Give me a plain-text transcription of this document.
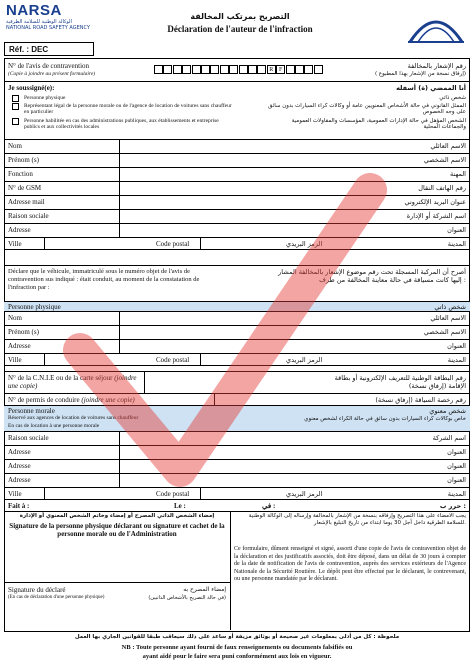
NARSA
الوكالة الوطنية للسلامة الطرقية
NATIONAL ROAD SAFETY AGENCY
التصريح بمرتكب المخالفة
Déclaration de l'auteur de l'infraction
Réf. : DEC
N° de l'avis de contravention
(Copie à joindre au présent formulaire)
R F	رقم الإشعار بالمخالفة
( إرفاق نسخة من الإشعار بهذا المطبوع)
Je soussigné(e):
Personne physique
Représentant légal de la personne morale ou de l'agence de location de voitures sans chauffeur en particulier
Personne habilitée en cas des administrations publiques, aux établissements et entreprise publics et aux collectivités locales
أنا الممضي (ة) أسفله
شخص ذاتي
الممثل القانوني في حالة الأشخاص المعنويين عامة أو وكالات كراء السيارات بدون سائق على وجه الخصوص
الشخص المؤهل في حالة الإدارات العمومية، المؤسسات والمقاولات العمومية والجماعات المحلية
Nom	الاسم العائلي
Prénom (s)	الاسم الشخصي
Fonction	المهنة
N° de GSM	رقم الهاتف النقال
Adresse mail	عنوان البريد الإلكتروني
Raison sociale	اسم الشركة أو الإدارة
Adresse	العنوان
Ville	Code postal	الرمز البريدي	المدينة
Déclare que le véhicule, immatriculé sous le numéro objet de l'avis de contravention sus indiqué : était conduit, au moment de la constatation de l'infraction par :
أصرح أن المركبة المسجلة تحت رقم موضوع الإشعار بالمخالفة المشار إليها كانت مسياقة في حالة معاينة المخالفة من طرف :
Personne physique	شخص ذاتي
Nom	الاسم العائلي
Prénom (s)	الاسم الشخصي
Adresse	العنوان
Ville	Code postal	الرمز البريدي	المدينة
N° de la C.N.I.E ou de la carte séjour (joindre une copie)
رقم البطاقة الوطنية للتعريف الإلكترونية أو بطاقة الإقامة (إرفاق نسخة)
N° de permis de conduire (joindre une copie)	رقم رخصة السياقة (إرفاق نسخة)
Personne morale
Réservé aux agences de location de voitures sans chauffeur
En cas de location à une personne morale
شخص معنوي
خاص بوكالات كراء السيارات بدون سائق في حالة الكراء لشخص معنوي
Raison sociale	اسم الشركة
Adresse	العنوان
Adresse	العنوان
Adresse	العنوان
Ville	Code postal	الرمز البريدي	المدينة
Fait à :	Le :	في :	حرر ب :
إمضاء الشخص الذاتي المصرح أو إمضاء وخاتم الشخص المعنوي أو الإدارة
Signature de la personne physique déclarant ou signature et cachet de la personne morale ou de l'Administration
Signature du déclaré
(En cas de déclaration d'une personne physique)
إمضاء المصرح به
(في حالة التصريح بالأشخاص الذاتيين)
يجب الامضاء على هذا التصريح وإرفاقه بنسخة من الإشعار بالمخالفة وإرساله إلى الوكالة الوطنية للسلامة الطرقية داخل أجل 30 يوما ابتداء من تاريخ التبليغ بالإشعار.
Ce formulaire, dûment renseigné et signé, assorti d'une copie de l'avis de contravention objet de la déclaration et des justificatifs associés, doit être déposé, dans un délai de 30 jours à compter de la date de notification de l'avis de contravention, auprès des services extérieurs de l'Agence Nationale de la Sécurité Routière. Le dépôt peut être effectué par le déclarant, le contrevenant, ou une personne mandatée par le déclarant.
ملحوظة : كل من أدلى بمعلومات غير صحيحة أو بوثائق مزيفة أو ساعد على ذلك سيعاقب طبقا للقوانين الجاري بها العمل
NB : Toute personne ayant fourni de faux renseignements ou documents falsifiés ou
ayant aidé pour le faire sera puni conformément aux lois en vigueur.
